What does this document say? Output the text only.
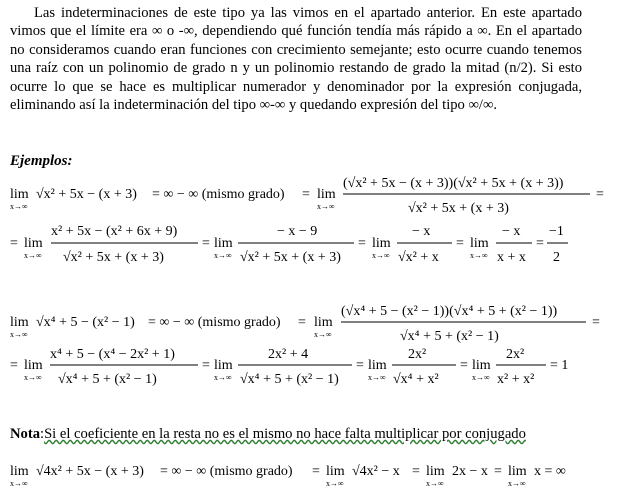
Las indeterminaciones de este tipo ya las vimos en el apartado anterior. En este apartado vimos que el límite era ∞ o -∞, dependiendo qué función tendía más rápido a ∞. En el apartado no consideramos cuando eran funciones con crecimiento semejante; esto ocurre cuando tenemos una raíz con un polinomio de grado n y un polinomio restando de grado la mitad (n/2). Si esto ocurre lo que se hace es multiplicar numerador y denominador por la expresión conjugada, eliminando así la indeterminación del tipo ∞-∞ y quedando expresión del tipo ∞/∞.

Ejemplos:

lim
x→∞
√x² + 5x − (x + 3) = ∞ − ∞ (mismo grado) = lim
x→∞
(√x² + 5x − (x + 3))(√x² + 5x + (x + 3))
√x² + 5x + (x + 3)
=
= lim
x→∞
x² + 5x − (x² + 6x + 9)
√x² + 5x + (x + 3)
= lim
x→∞
− x − 9
√x² + 5x + (x + 3)
= lim
x→∞
− x
√x² + x
= lim
x→∞
− x
x + x
=
−1
2
lim
x→∞
√x⁴ + 5 − (x² − 1) = ∞ − ∞ (mismo grado) = lim
x→∞
(√x⁴ + 5 − (x² − 1))(√x⁴ + 5 + (x² − 1))
√x⁴ + 5 + (x² − 1)
=
= lim
x→∞
x⁴ + 5 − (x⁴ − 2x² + 1)
√x⁴ + 5 + (x² − 1)
= lim
x→∞
2x² + 4
√x⁴ + 5 + (x² − 1)
= lim
x→∞
2x²
√x⁴ + x²
= lim
x→∞
2x²
x² + x²
= 1
lim
x→∞
√4x² + 5x − (x + 3) = ∞ − ∞ (mismo grado) = lim
x→∞
√4x² − x = lim
x→∞
2x − x = lim
x→∞
x = ∞

Nota:Si el coeficiente en la resta no es el mismo no hace falta multiplicar por conjugado
